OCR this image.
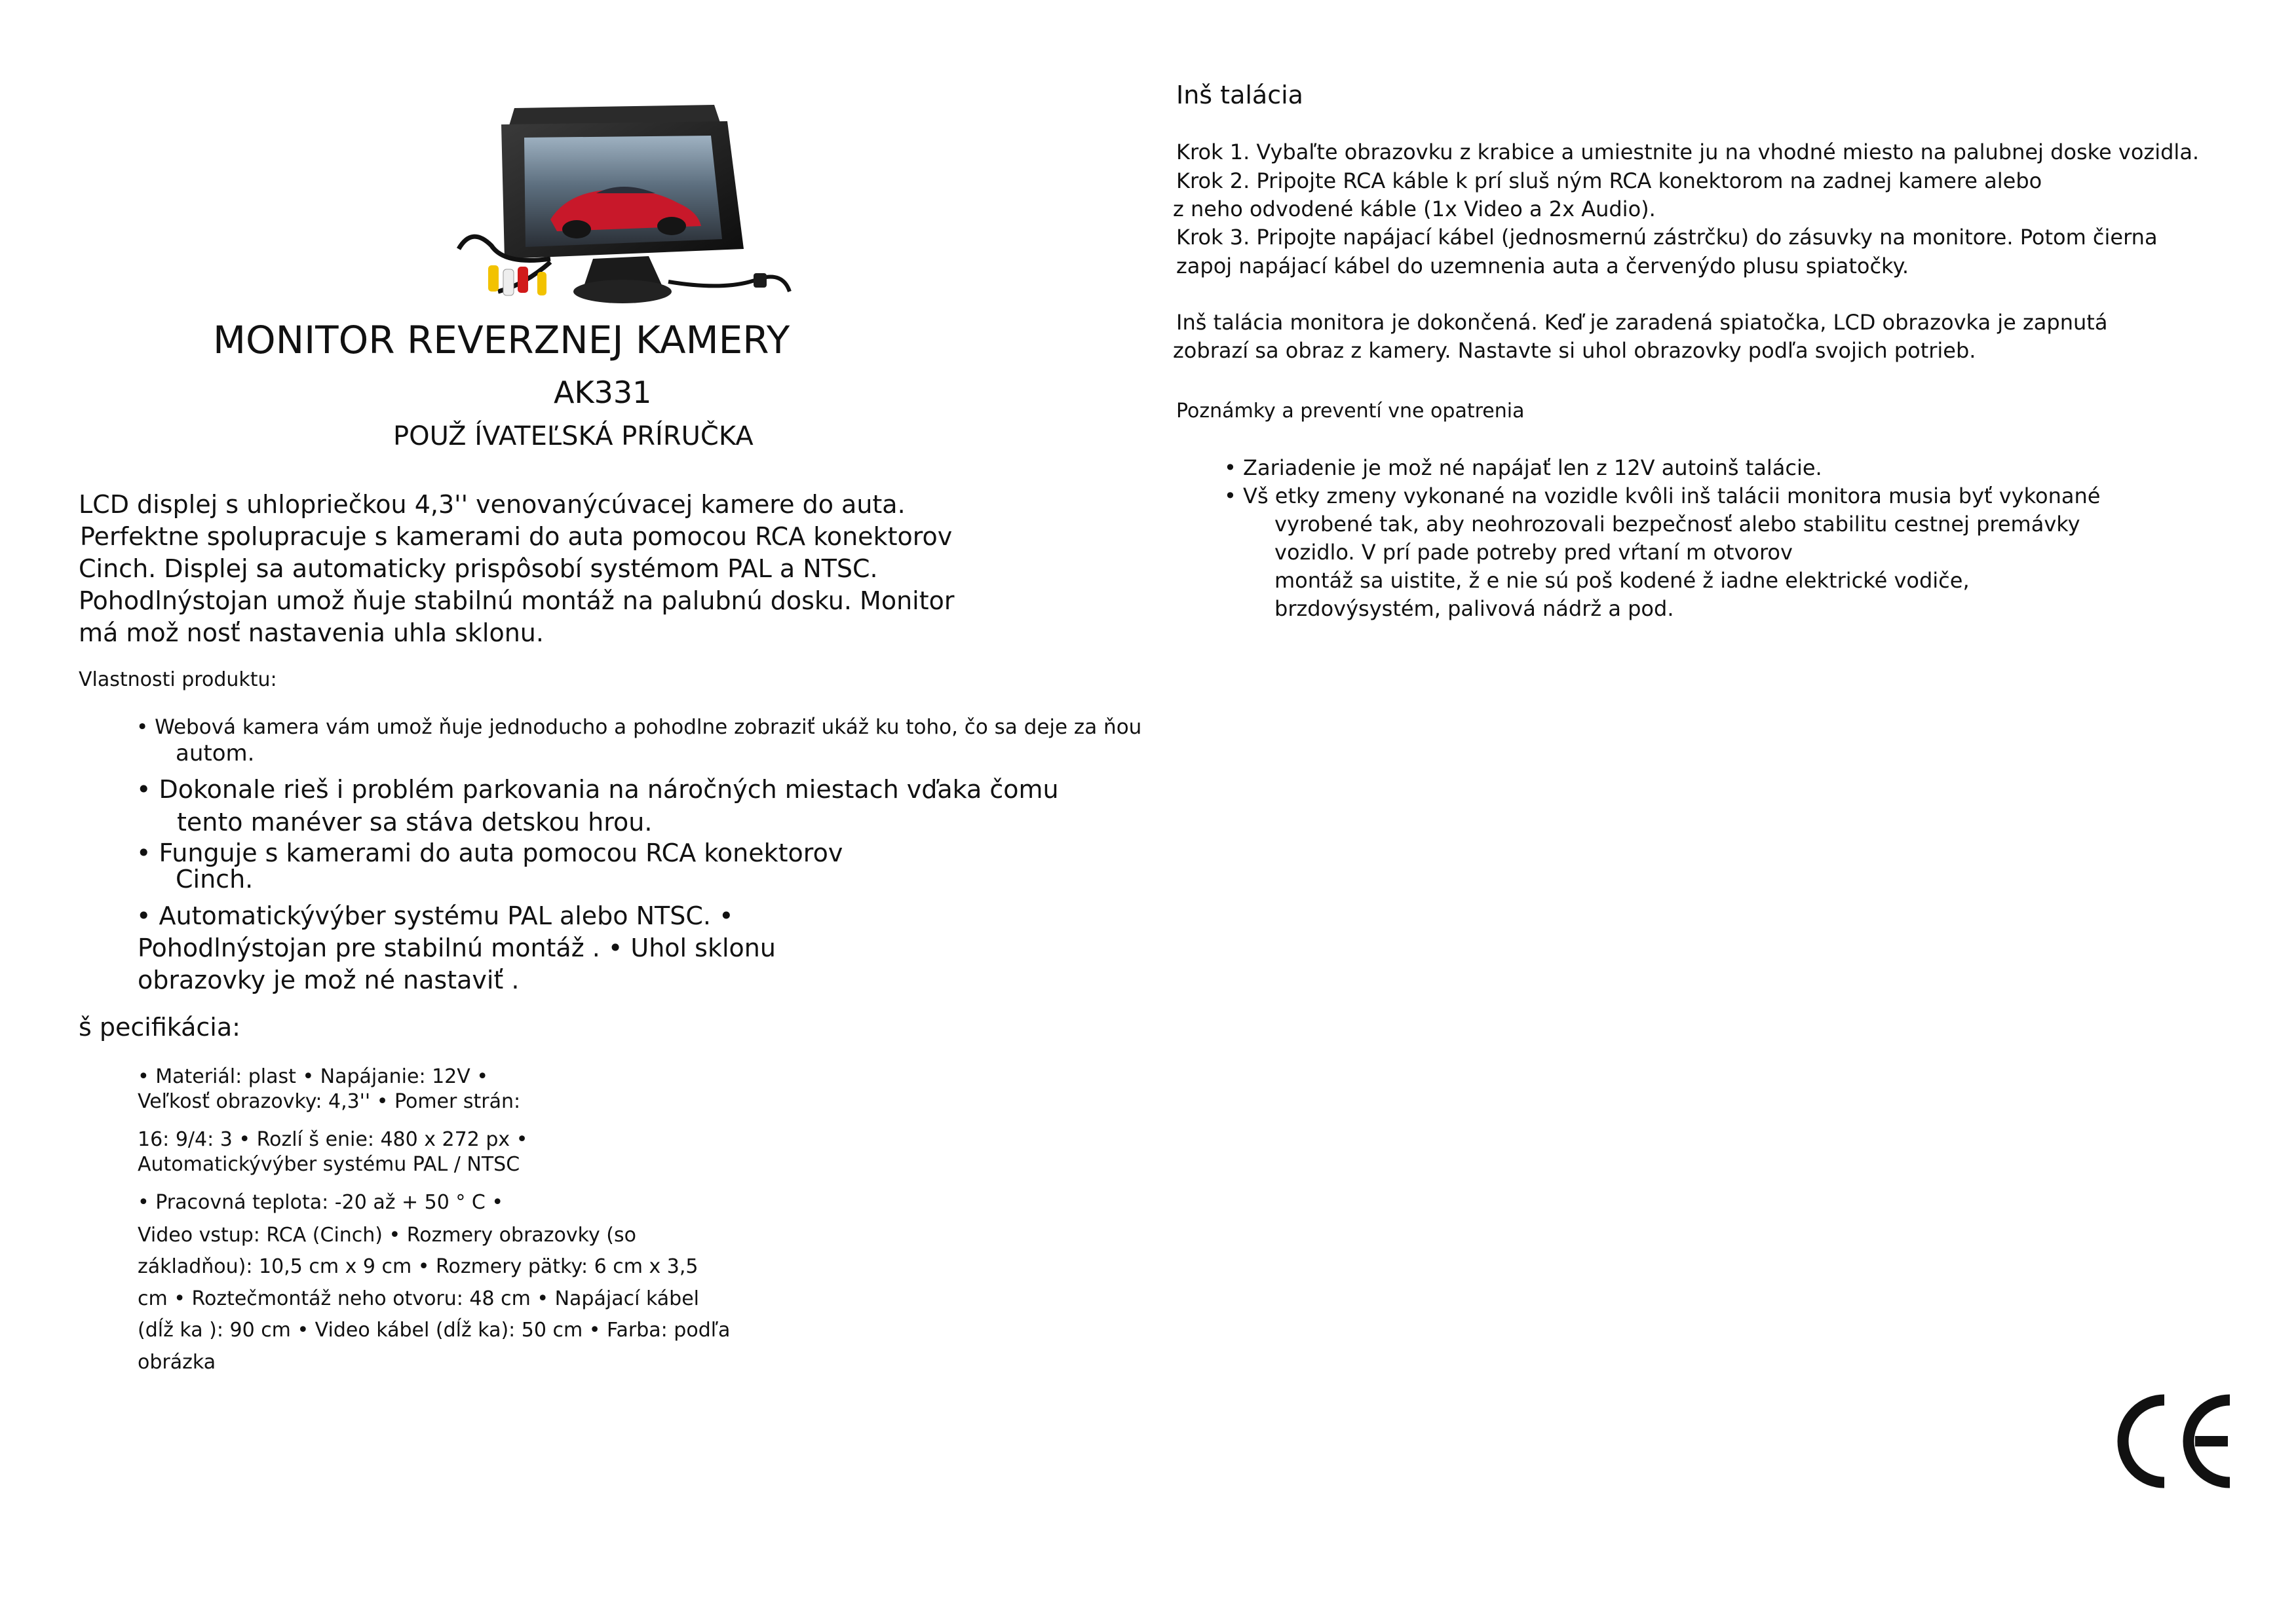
MONITOR REVERZNEJ KAMERY
AK331
POUŽ ÍVATEĽSKÁ PRÍRUČKA
LCD displej s uhlopriečkou 4,3'' venovanýcúvacej kamere do auta.
Perfektne spolupracuje s kamerami do auta pomocou RCA konektorov
Cinch. Displej sa automaticky prispôsobí systémom PAL a NTSC.
Pohodlnýstojan umož ňuje stabilnú montáž na palubnú dosku. Monitor
má mož nosť nastavenia uhla sklonu.
Vlastnosti produktu:
• Webová kamera vám umož ňuje jednoducho a pohodlne zobraziť ukáž ku toho, čo sa deje za ňou
autom.
• Dokonale rieš i problém parkovania na náročných miestach vďaka čomu
tento manéver sa stáva detskou hrou.
• Funguje s kamerami do auta pomocou RCA konektorov
Cinch.
• Automatickývýber systému PAL alebo NTSC. •
Pohodlnýstojan pre stabilnú montáž . • Uhol sklonu
obrazovky je mož né nastaviť .
š pecifikácia:
• Materiál: plast • Napájanie: 12V •
Veľkosť obrazovky: 4,3'' • Pomer strán:
16: 9/4: 3 • Rozlí š enie: 480 x 272 px •
Automatickývýber systému PAL / NTSC
• Pracovná teplota: -20 až + 50 ° C •
Video vstup: RCA (Cinch) • Rozmery obrazovky (so
základňou): 10,5 cm x 9 cm • Rozmery pätky: 6 cm x 3,5
cm • Roztečmontáž neho otvoru: 48 cm • Napájací kábel
(dĺž ka ): 90 cm • Video kábel (dĺž ka): 50 cm • Farba: podľa
obrázka
Inš talácia
Krok 1. Vybaľte obrazovku z krabice a umiestnite ju na vhodné miesto na palubnej doske vozidla.
Krok 2. Pripojte RCA káble k prí sluš ným RCA konektorom na zadnej kamere alebo
z neho odvodené káble (1x Video a 2x Audio).
Krok 3. Pripojte napájací kábel (jednosmernú zástrčku) do zásuvky na monitore. Potom čierna
zapoj napájací kábel do uzemnenia auta a červenýdo plusu spiatočky.
Inš talácia monitora je dokončená. Keď je zaradená spiatočka, LCD obrazovka je zapnutá
zobrazí sa obraz z kamery. Nastavte si uhol obrazovky podľa svojich potrieb.
Poznámky a preventí vne opatrenia
• Zariadenie je mož né napájať len z 12V autoinš talácie.
• Vš etky zmeny vykonané na vozidle kvôli inš talácii monitora musia byť vykonané
vyrobené tak, aby neohrozovali bezpečnosť alebo stabilitu cestnej premávky
vozidlo. V prí pade potreby pred vŕtaní m otvorov
montáž sa uistite, ž e nie sú poš kodené ž iadne elektrické vodiče,
brzdovýsystém, palivová nádrž a pod.
